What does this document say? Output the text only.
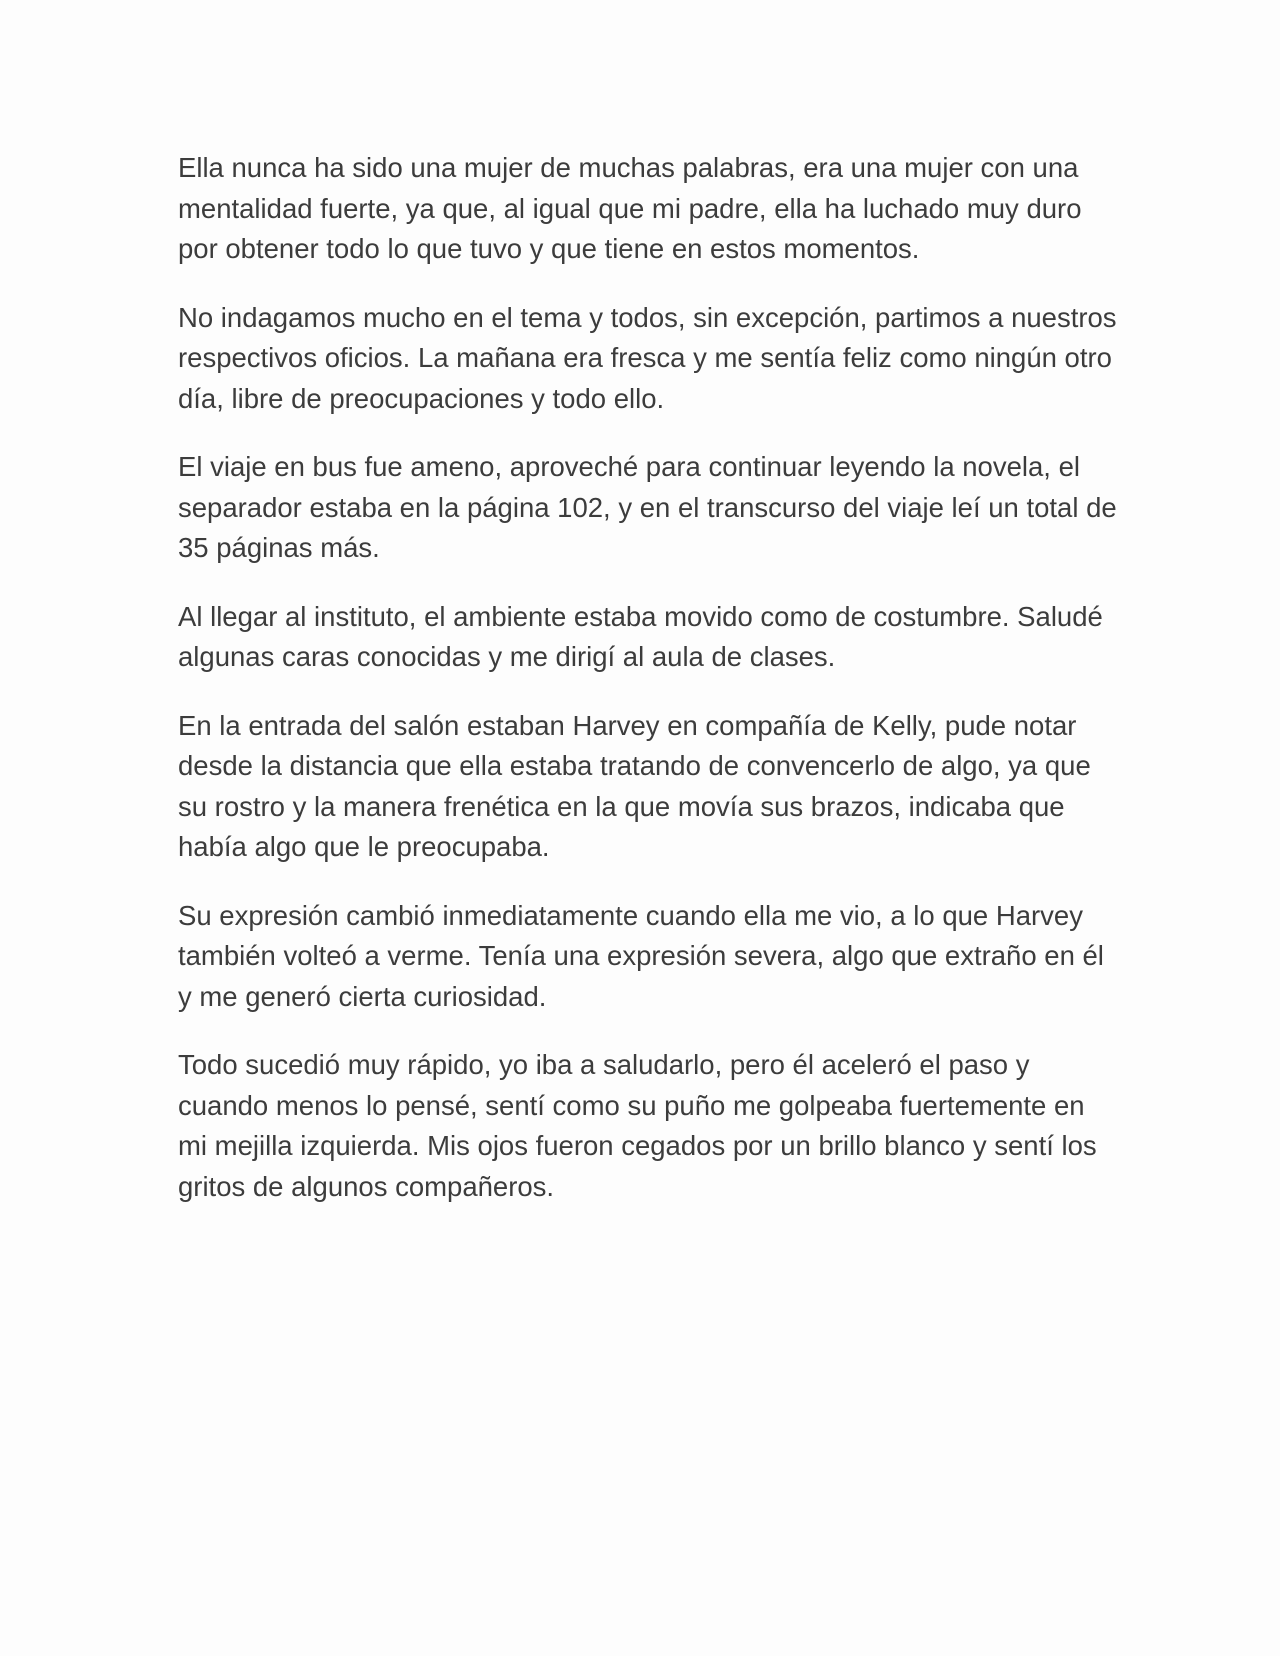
Ella nunca ha sido una mujer de muchas palabras, era una mujer con una mentalidad fuerte, ya que, al igual que mi padre, ella ha luchado muy duro por obtener todo lo que tuvo y que tiene en estos momentos.

No indagamos mucho en el tema y todos, sin excepción, partimos a nuestros respectivos oficios. La mañana era fresca y me sentía feliz como ningún otro día, libre de preocupaciones y todo ello.

El viaje en bus fue ameno, aproveché para continuar leyendo la novela, el separador estaba en la página 102, y en el transcurso del viaje leí un total de 35 páginas más.

Al llegar al instituto, el ambiente estaba movido como de costumbre. Saludé algunas caras conocidas y me dirigí al aula de clases.

En la entrada del salón estaban Harvey en compañía de Kelly, pude notar desde la distancia que ella estaba tratando de convencerlo de algo, ya que su rostro y la manera frenética en la que movía sus brazos, indicaba que había algo que le preocupaba.

Su expresión cambió inmediatamente cuando ella me vio, a lo que Harvey también volteó a verme. Tenía una expresión severa, algo que extraño en él y me generó cierta curiosidad.

Todo sucedió muy rápido, yo iba a saludarlo, pero él aceleró el paso y cuando menos lo pensé, sentí como su puño me golpeaba fuertemente en mi mejilla izquierda. Mis ojos fueron cegados por un brillo blanco y sentí los gritos de algunos compañeros.
